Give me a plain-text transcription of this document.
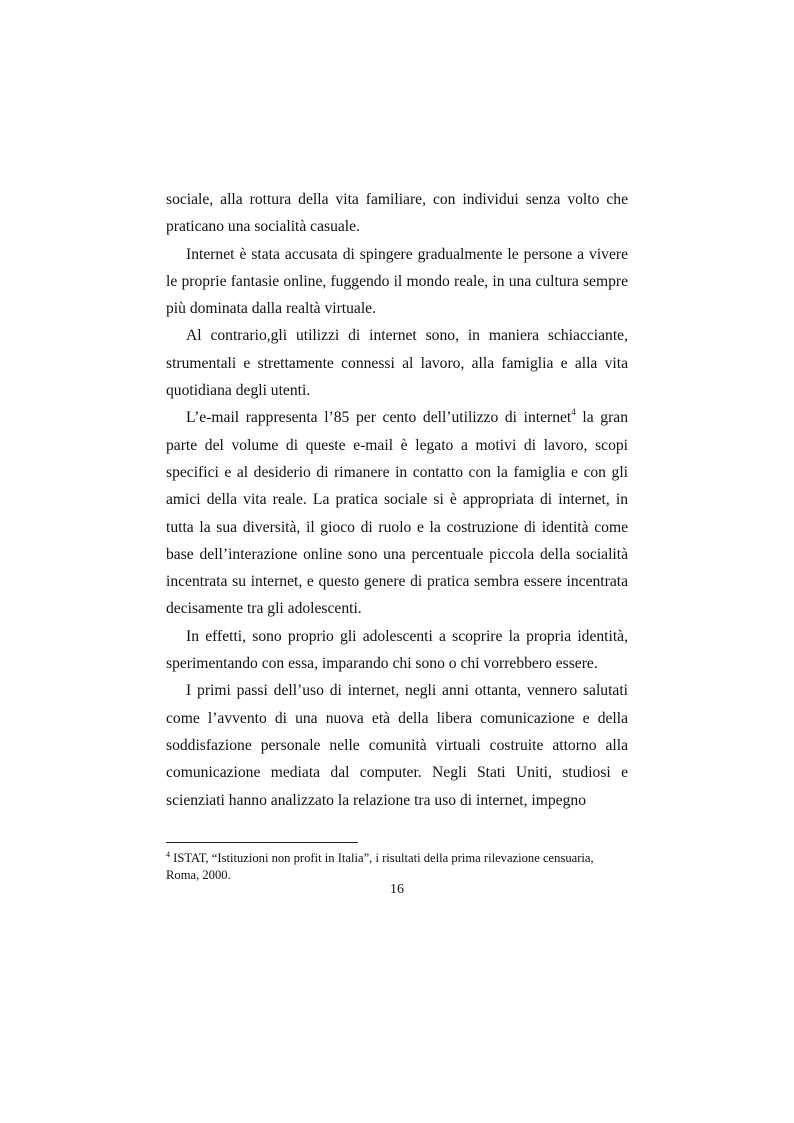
sociale, alla rottura della vita familiare, con individui senza volto che praticano una socialità casuale.

Internet è stata accusata di spingere gradualmente le persone a vivere le proprie fantasie online, fuggendo il mondo reale, in una cultura sempre più dominata dalla realtà virtuale.

Al contrario,gli utilizzi di internet sono, in maniera schiacciante, strumentali e strettamente connessi al lavoro, alla famiglia e alla vita quotidiana degli utenti.

L’e-mail rappresenta l’85 per cento dell’utilizzo di internet$^4$ la gran parte del volume di queste e-mail è legato a motivi di lavoro, scopi specifici e al desiderio di rimanere in contatto con la famiglia e con gli amici della vita reale. La pratica sociale si è appropriata di internet, in tutta la sua diversità, il gioco di ruolo e la costruzione di identità come base dell’interazione online sono una percentuale piccola della socialità incentrata su internet, e questo genere di pratica sembra essere incentrata decisamente tra gli adolescenti.

In effetti, sono proprio gli adolescenti a scoprire la propria identità, sperimentando con essa, imparando chi sono o chi vorrebbero essere.

I primi passi dell’uso di internet, negli anni ottanta, vennero salutati come l’avvento di una nuova età della libera comunicazione e della soddisfazione personale nelle comunità virtuali costruite attorno alla comunicazione mediata dal computer. Negli Stati Uniti, studiosi e scienziati hanno analizzato la relazione tra uso di internet, impegno

$^4$ ISTAT, “Istituzioni non profit in Italia”, i risultati della prima rilevazione censuaria, Roma, 2000.
16
